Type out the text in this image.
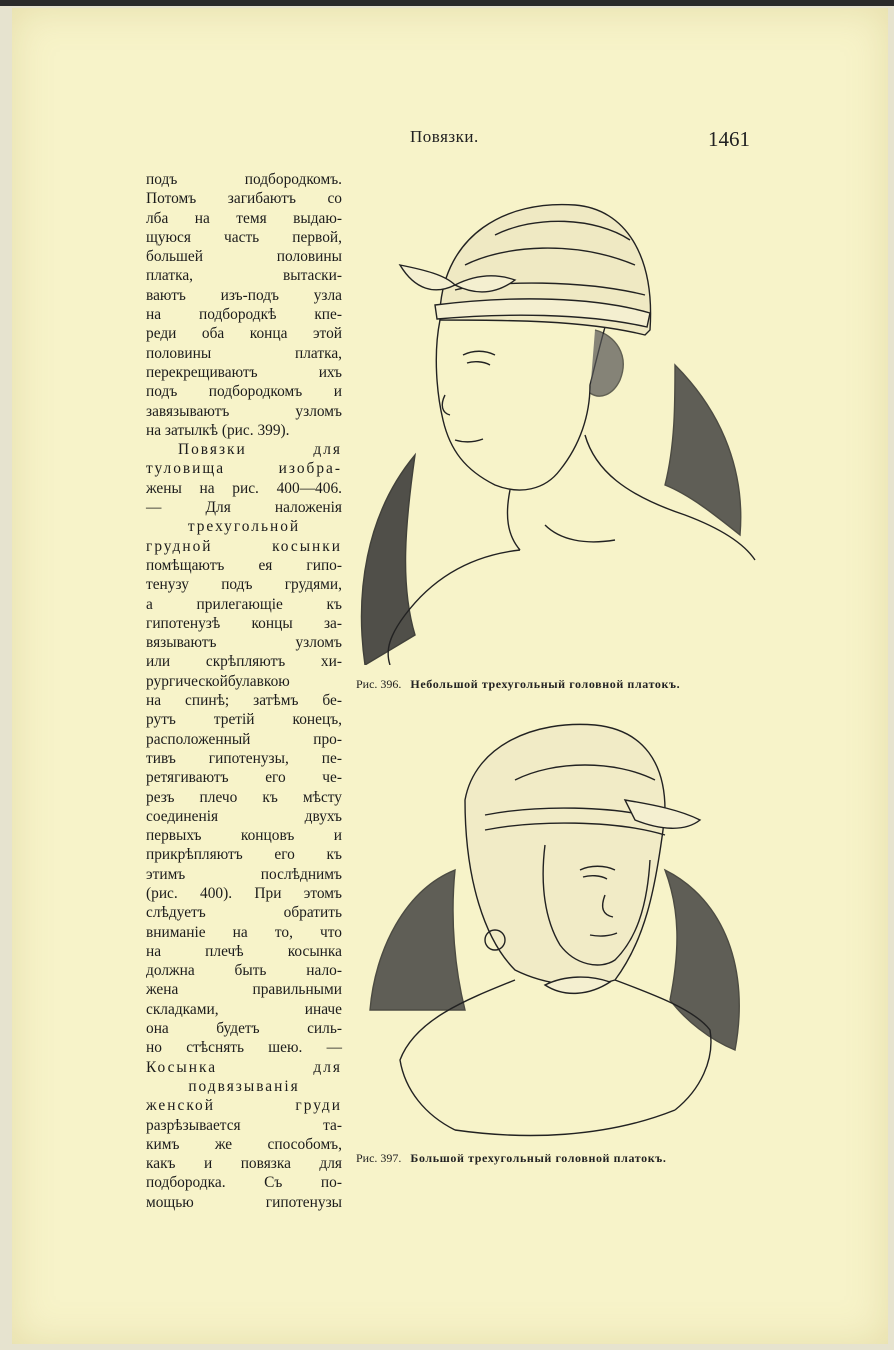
Повязки.	1461
подъ подбородкомъ.
Потомъ загибаютъ со
лба на темя выдаю-
щуюся часть первой,
большей половины
платка, вытаски-
ваютъ изъ-подъ узла
на подбородкѣ кпе-
реди оба конца этой
половины платка,
перекрещиваютъ ихъ
подъ подбородкомъ и
завязываютъ узломъ
на затылкѣ (рис. 399).
Повязки для
туловища изобра-
жены на рис. 400—406.
— Для наложенія
трехугольной
грудной косынки
помѣщаютъ ея гипо-
тенузу подъ грудями,
а прилегающіе къ
гипотенузѣ концы за-
вязываютъ узломъ
или скрѣпляютъ хи-
рургическойбулавкою
на спинѣ; затѣмъ бе-
рутъ третій конецъ,
расположенный про-
тивъ гипотенузы, пе-
ретягиваютъ его че-
резъ плечо къ мѣсту
соединенія двухъ
первыхъ концовъ и
прикрѣпляютъ его къ
этимъ послѣднимъ
(рис. 400). При этомъ
слѣдуетъ обратить
вниманіе на то, что
на плечѣ косынка
должна быть нало-
жена правильными
складками, иначе
она будетъ силь-
но стѣснять шею. —
Косынка для
подвязыванія
женской груди
разрѣзывается та-
кимъ же способомъ,
какъ и повязка для
подбородка. Съ по-
мощью гипотенузы
Рис. 396. Небольшой трехугольный головной платокъ.
Рис. 397. Большой трехугольный головной платокъ.
